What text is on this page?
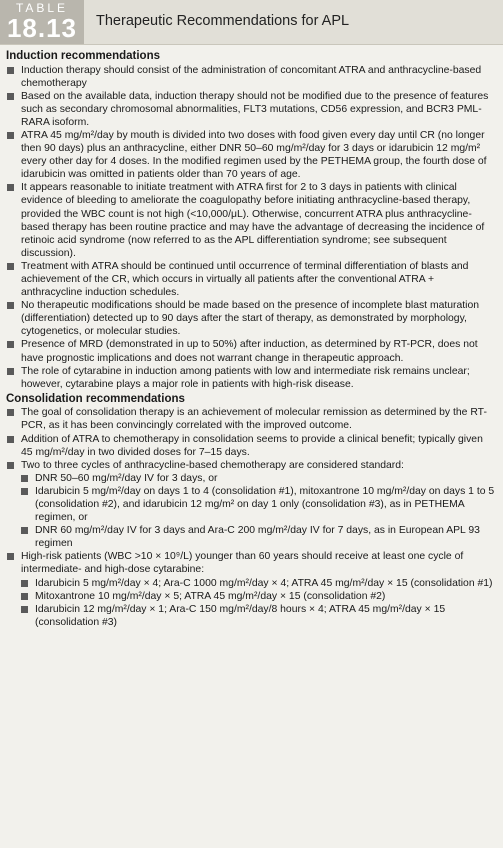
TABLE
18.13	Therapeutic Recommendations for APL
Induction recommendations
Induction therapy should consist of the administration of concomitant ATRA and anthracycline-based chemotherapy
Based on the available data, induction therapy should not be modified due to the presence of features such as secondary chromosomal abnormalities, FLT3 mutations, CD56 expression, and BCR3 PML-RARA isoform.
ATRA 45 mg/m²/day by mouth is divided into two doses with food given every day until CR (no longer then 90 days) plus an anthracycline, either DNR 50–60 mg/m²/day for 3 days or idarubicin 12 mg/m² every other day for 4 doses. In the modified regimen used by the PETHEMA group, the fourth dose of idarubicin was omitted in patients older than 70 years of age.
It appears reasonable to initiate treatment with ATRA first for 2 to 3 days in patients with clinical evidence of bleeding to ameliorate the coagulopathy before initiating anthracycline-based therapy, provided the WBC count is not high (<10,000/μL). Otherwise, concurrent ATRA plus anthracycline-based therapy has been routine practice and may have the advantage of decreasing the incidence of retinoic acid syndrome (now referred to as the APL differentiation syndrome; see subsequent discussion).
Treatment with ATRA should be continued until occurrence of terminal differentiation of blasts and achievement of the CR, which occurs in virtually all patients after the conventional ATRA + anthracycline induction schedules.
No therapeutic modifications should be made based on the presence of incomplete blast maturation (differentiation) detected up to 90 days after the start of therapy, as demonstrated by morphology, cytogenetics, or molecular studies.
Presence of MRD (demonstrated in up to 50%) after induction, as determined by RT-PCR, does not have prognostic implications and does not warrant change in therapeutic approach.
The role of cytarabine in induction among patients with low and intermediate risk remains unclear; however, cytarabine plays a major role in patients with high-risk disease.
Consolidation recommendations
The goal of consolidation therapy is an achievement of molecular remission as determined by the RT-PCR, as it has been convincingly correlated with the improved outcome.
Addition of ATRA to chemotherapy in consolidation seems to provide a clinical benefit; typically given 45 mg/m²/day in two divided doses for 7–15 days.
Two to three cycles of anthracycline-based chemotherapy are considered standard:
DNR 50–60 mg/m²/day IV for 3 days, or
Idarubicin 5 mg/m²/day on days 1 to 4 (consolidation #1), mitoxantrone 10 mg/m²/day on days 1 to 5 (consolidation #2), and idarubicin 12 mg/m² on day 1 only (consolidation #3), as in PETHEMA regimen, or
DNR 60 mg/m²/day IV for 3 days and Ara-C 200 mg/m²/day IV for 7 days, as in European APL 93 regimen
High-risk patients (WBC >10 × 10⁹/L) younger than 60 years should receive at least one cycle of intermediate- and high-dose cytarabine:
Idarubicin 5 mg/m²/day × 4; Ara-C 1000 mg/m²/day × 4; ATRA 45 mg/m²/day × 15 (consolidation #1)
Mitoxantrone 10 mg/m²/day × 5; ATRA 45 mg/m²/day × 15 (consolidation #2)
Idarubicin 12 mg/m²/day × 1; Ara-C 150 mg/m²/day/8 hours × 4; ATRA 45 mg/m²/day × 15 (consolidation #3)
